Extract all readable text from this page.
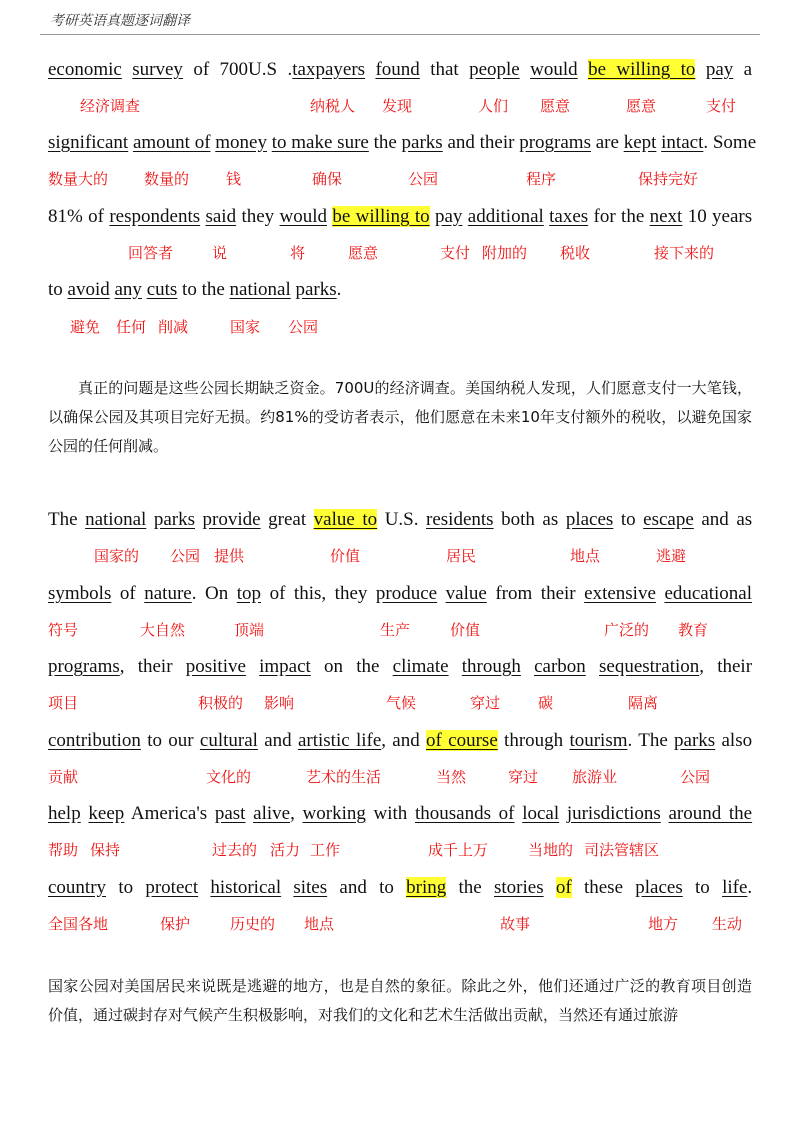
考研英语真题逐词翻译
economic survey of 700U.S .taxpayers found that people would be willing to pay a
经济调查	纳税人 发现	人们 愿意	愿意	支付
significant amount of money to make sure the parks and their programs are kept intact. Some
数量大的 数量的 钱	确保	公园	程序	保持完好
81% of respondents said they would be willing to pay additional taxes for the next 10 years
回答者	说	将	愿意	支付 附加的 税收	接下来的
to avoid any cuts to the national parks.
避免 任何 削减	国家 公园
真正的问题是这些公园长期缺乏资金。700U的经济调查。美国纳税人发现，人们愿意支付一大笔钱，以确保公园及其项目完好无损。约81%的受访者表示，他们愿意在未来10年支付额外的税收，以避免国家公园的任何削减。
The national parks provide great value to U.S. residents both as places to escape and as
国家的 公园 提供	价值	居民	地点	逃避
symbols of nature. On top of this, they produce value from their extensive educational
符号	大自然	顶端	生产	价值	广泛的 教育
programs, their positive impact on the climate through carbon sequestration, their
项目	积极的 影响	气候	穿过	碳	隔离
contribution to our cultural and artistic life, and of course through tourism. The parks also
贡献	文化的	艺术的生活	当然	穿过 旅游业	公园
help keep America's past alive, working with thousands of local jurisdictions around the
帮助 保持	过去的 活力 工作	成千上万	当地的 司法管辖区
country to protect historical sites and to bring the stories of these places to life.
全国各地	保护	历史的 地点	故事	地方 生动
国家公园对美国居民来说既是逃避的地方，也是自然的象征。除此之外，他们还通过广泛的教育项目创造价值，通过碳封存对气候产生积极影响，对我们的文化和艺术生活做出贡献，当然还有通过旅游
